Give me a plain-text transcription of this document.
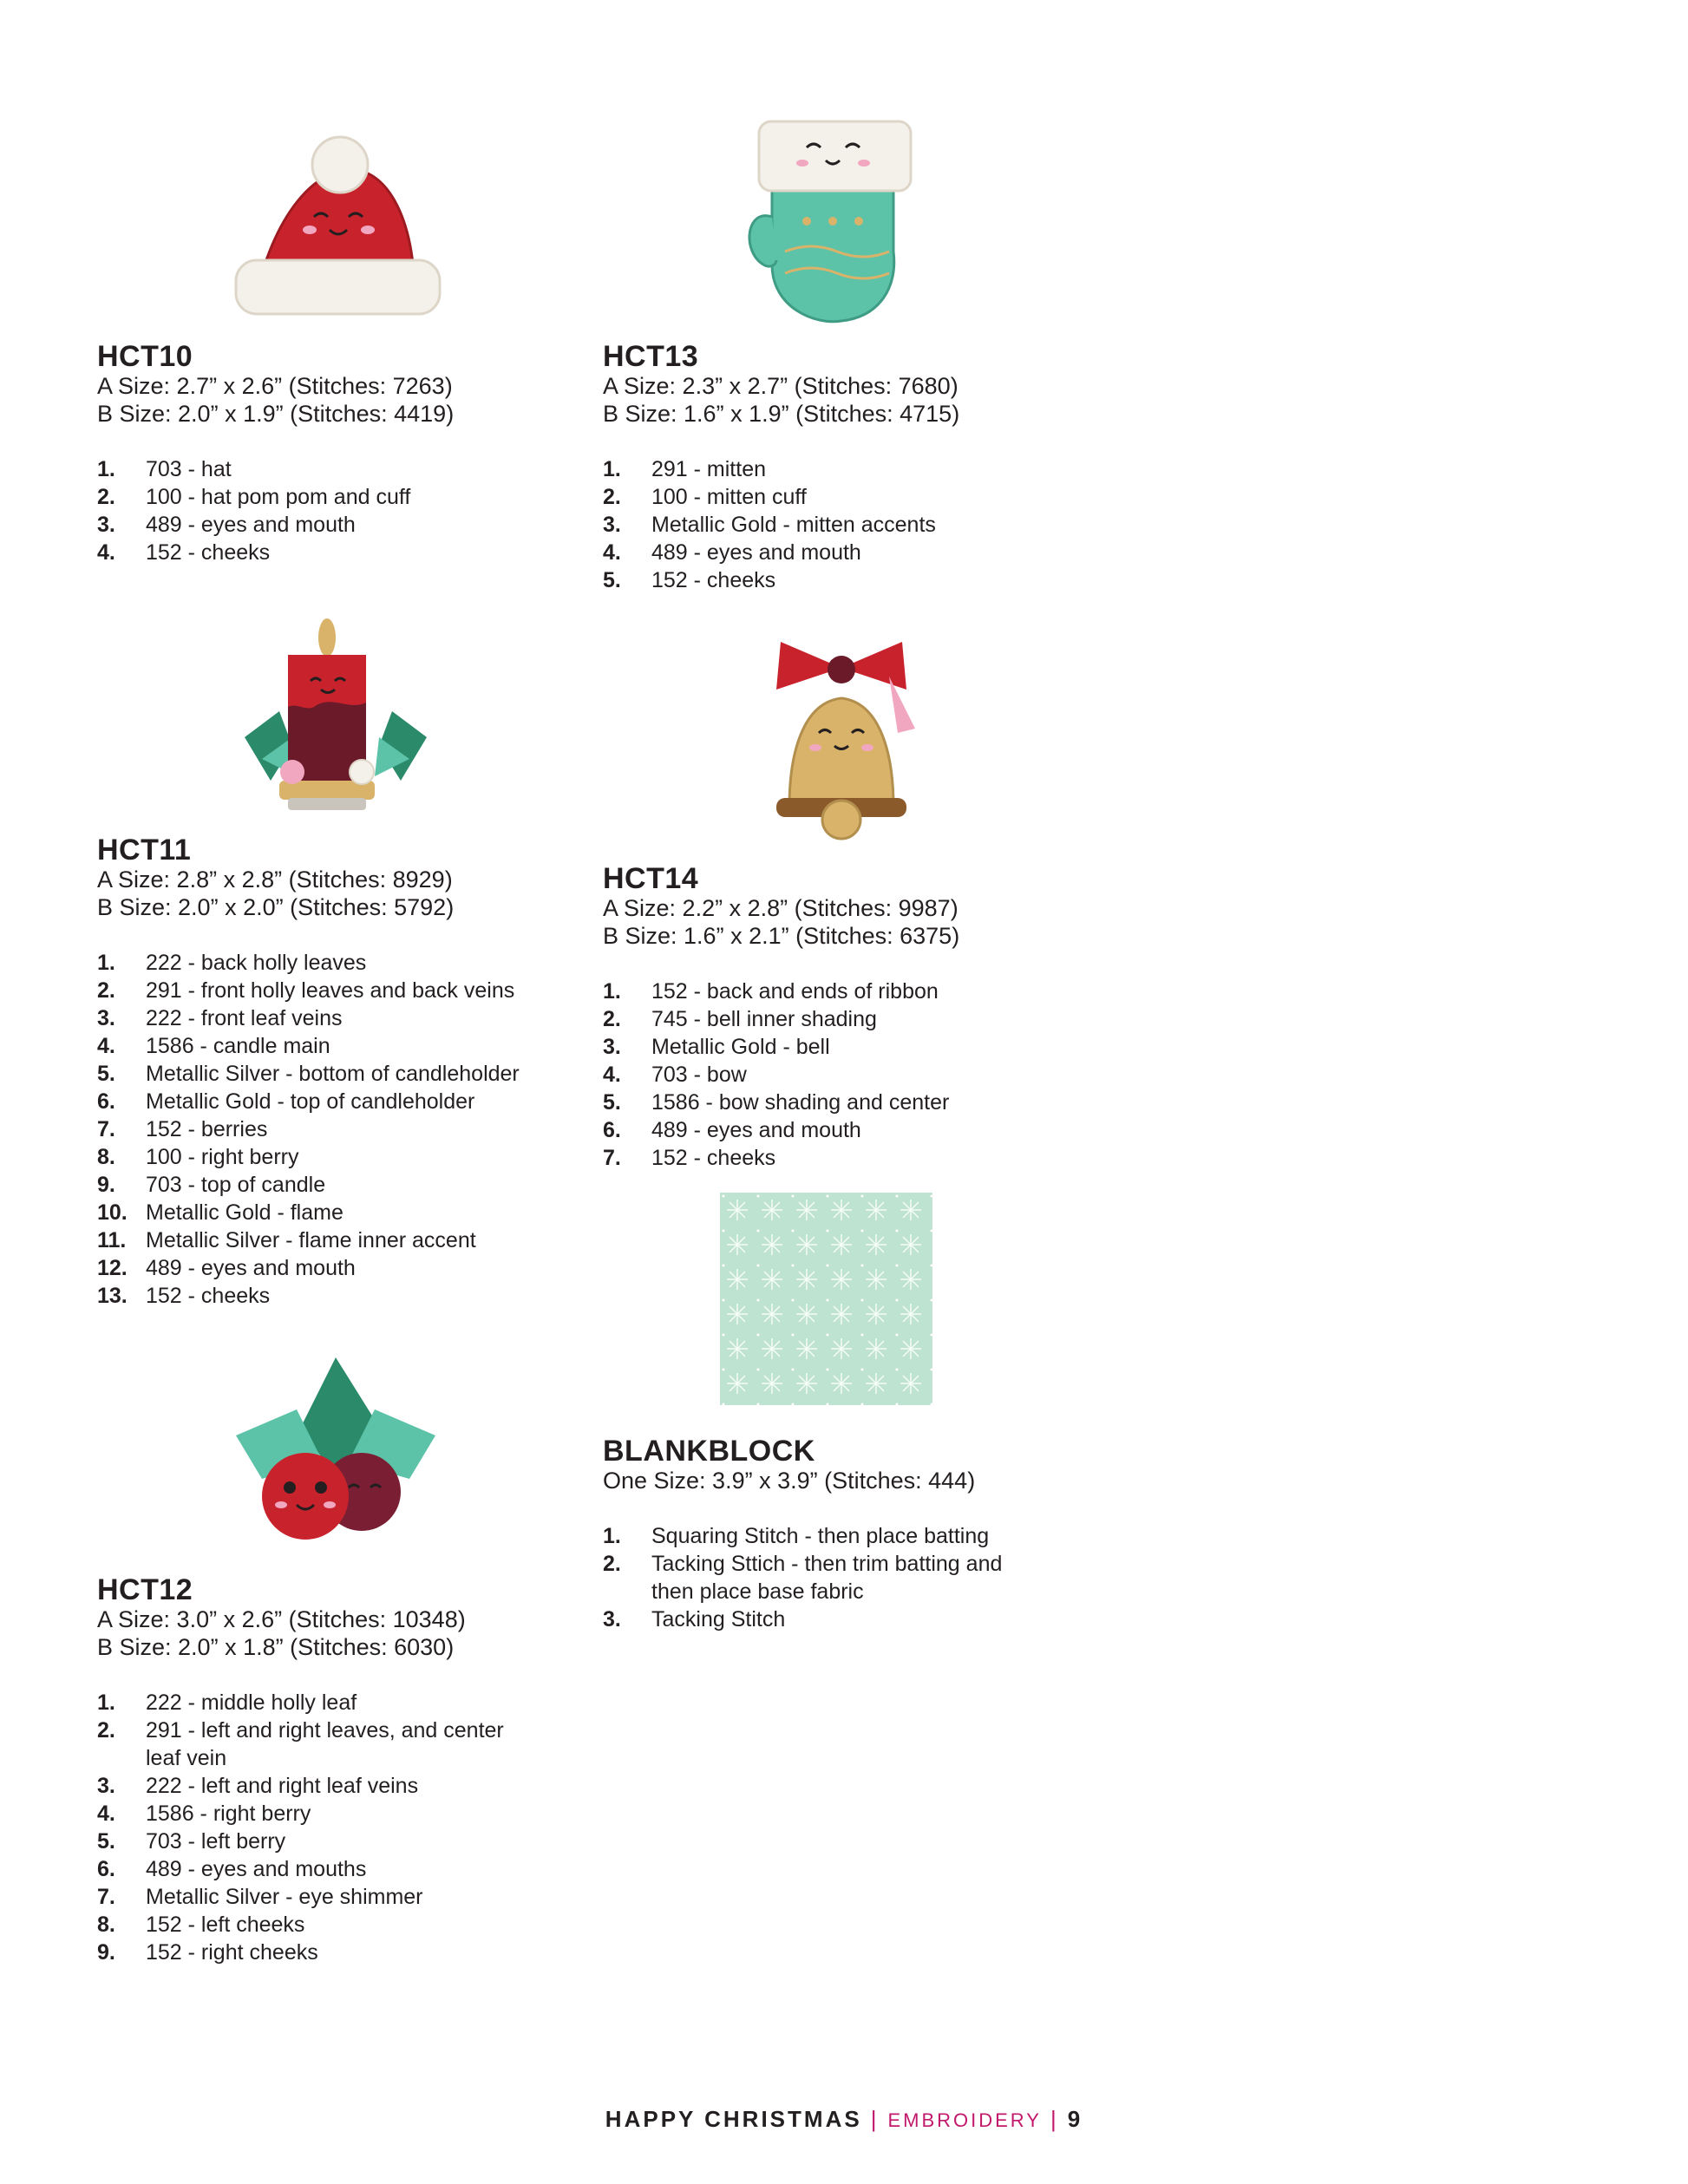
HCT10

A Size: 2.7” x 2.6” (Stitches: 7263)

B Size: 2.0” x 1.9” (Stitches: 4419)

1.	703 - hat
2.	100 - hat pom pom and cuff
3.	489 - eyes and mouth
4.	152 - cheeks

HCT11

A Size: 2.8” x 2.8” (Stitches: 8929)

B Size: 2.0” x 2.0” (Stitches: 5792)

1.	222 - back holly leaves
2.	291 - front holly leaves and back veins
3.	222 - front leaf veins
4.	1586 - candle main
5.	Metallic Silver - bottom of candleholder
6.	Metallic Gold - top of candleholder
7.	152 - berries
8.	100 - right berry
9.	703 - top of candle
10. Metallic Gold - flame
11. Metallic Silver - flame inner accent
12. 489 - eyes and mouth
13. 152 - cheeks

HCT12

A Size: 3.0” x 2.6” (Stitches: 10348)

B Size: 2.0” x 1.8” (Stitches: 6030)

1.	222 - middle holly leaf
2.	291 - left and right leaves, and center leaf vein
3.	222 - left and right leaf veins
4.	1586 - right berry
5.	703 - left berry
6.	489 - eyes and mouths
7.	Metallic Silver - eye shimmer
8.	152 - left cheeks
9.	152 - right cheeks

HCT13

A Size: 2.3” x 2.7” (Stitches: 7680)

B Size: 1.6” x 1.9” (Stitches: 4715)

1.	291 - mitten
2.	100 - mitten cuff
3.	Metallic Gold - mitten accents
4.	489 - eyes and mouth
5.	152 - cheeks

HCT14

A Size: 2.2” x 2.8” (Stitches: 9987)

B Size: 1.6” x 2.1” (Stitches: 6375)

1.	152 - back and ends of ribbon
2.	745 - bell inner shading
3.	Metallic Gold - bell
4.	703 - bow
5.	1586 - bow shading and center
6.	489 - eyes and mouth
7.	152 - cheeks

BLANKBLOCK

One Size: 3.9” x 3.9” (Stitches: 444)

1.	Squaring Stitch - then place batting
2.	Tacking Sttich - then trim batting and then place base fabric
3.	Tacking Stitch
HAPPY CHRISTMAS | EMBROIDERY | 9
